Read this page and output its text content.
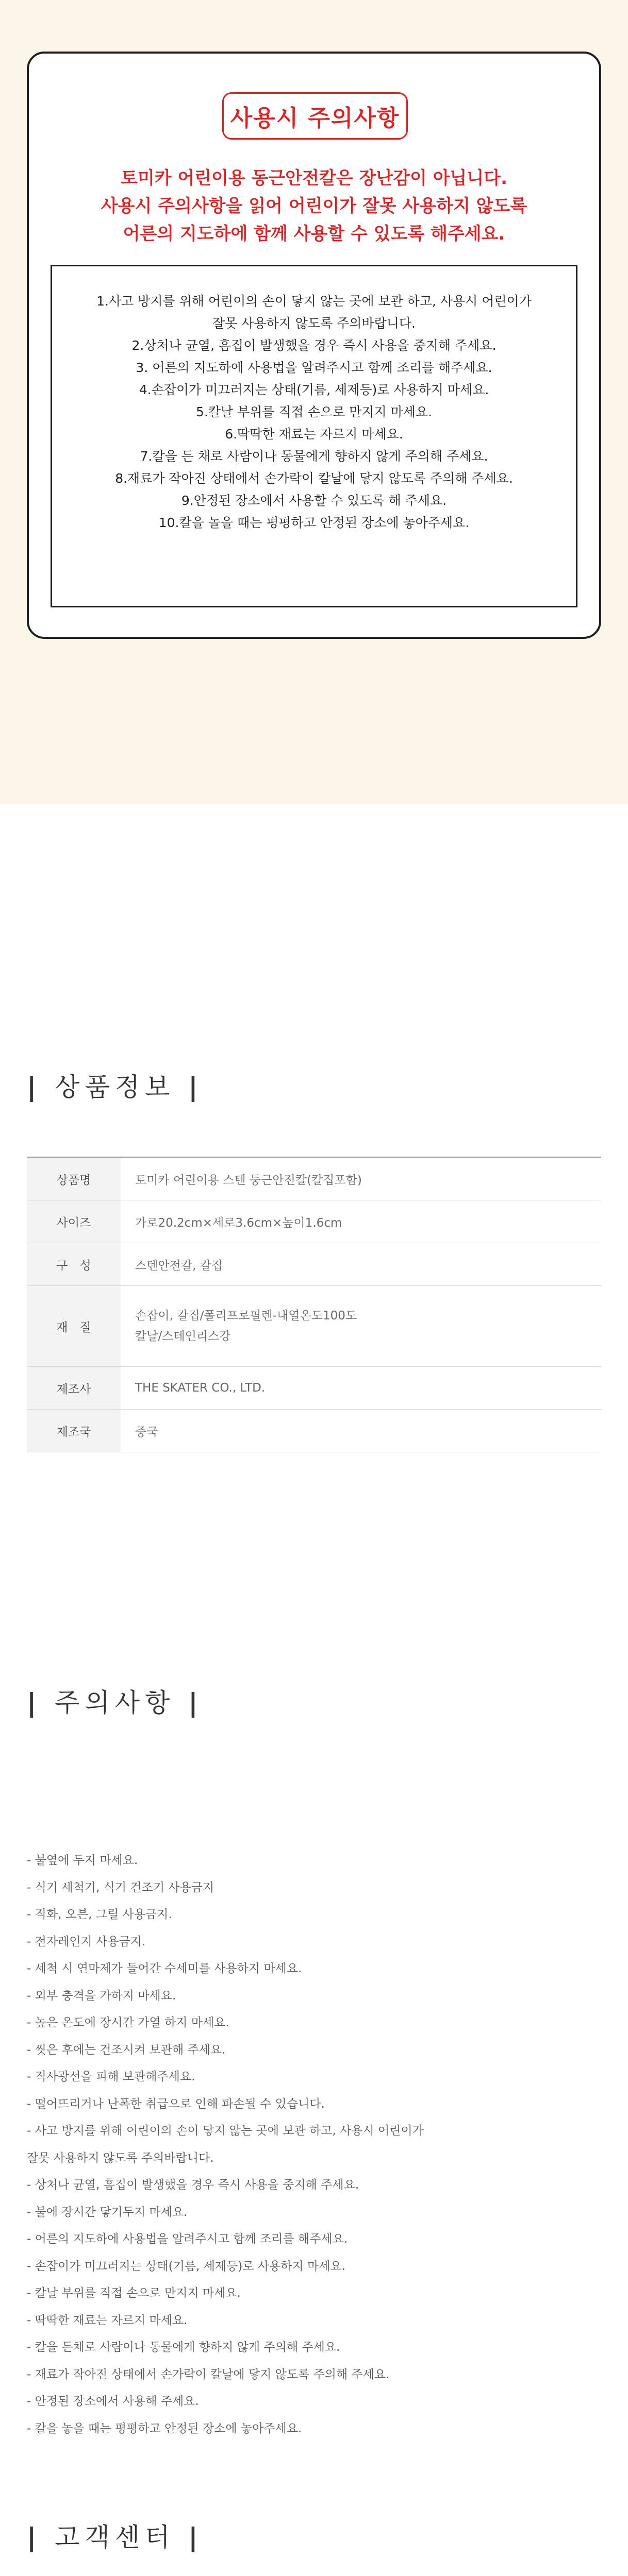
사용시 주의사항
토미카 어린이용 동근안전칼은 장난감이 아닙니다.
사용시 주의사항을 읽어 어린이가 잘못 사용하지 않도록
어른의 지도하에 함께 사용할 수 있도록 해주세요.
1.사고 방지를 위해 어린이의 손이 닿지 않는 곳에 보관 하고, 사용시 어린이가
잘못 사용하지 않도록 주의바랍니다.
2.상처나 균열, 흠집이 발생했을 경우 즉시 사용을 중지해 주세요.
3. 어른의 지도하에 사용법을 알려주시고 함께 조리를 해주세요.
4.손잡이가 미끄러지는 상태(기름, 세제등)로 사용하지 마세요.
5.칼날 부위를 직접 손으로 만지지 마세요.
6.딱딱한 재료는 자르지 마세요.
7.칼을 든 채로 사람이나 동물에게 향하지 않게 주의해 주세요.
8.재료가 작아진 상태에서 손가락이 칼날에 닿지 않도록 주의해 주세요.
9.안정된 장소에서 사용할 수 있도록 해 주세요.
10.칼을 놀을 때는 평평하고 안정된 장소에 놓아주세요.
| 상품정보 |
상품명	토미카 어린이용 스텐 둥근안전칼(칼집포함)
사이즈	가로20.2cm×세로3.6cm×높이1.6cm
구　성	스텐안전칼, 칼집
재　질	손잡이, 칼집/폴리프로필렌-내열온도100도
칼날/스테인리스강

제조사	THE SKATER CO., LTD.
제조국	중국
| 주의사항 |
- 불옆에 두지 마세요.
- 식기 세척기, 식기 건조기 사용금지
- 직화, 오븐, 그릴 사용금지.
- 전자레인지 사용금지.
- 세척 시 연마제가 들어간 수세미를 사용하지 마세요.
- 외부 충격을 가하지 마세요.
- 높은 온도에 장시간 가열 하지 마세요.
- 씻은 후에는 건조시켜 보관해 주세요.
- 직사광선을 피해 보관해주세요.
- 떨어뜨리거나 난폭한 취급으로 인해 파손될 수 있습니다.
- 사고 방지를 위해 어린이의 손이 닿지 않는 곳에 보관 하고, 사용시 어린이가
잘못 사용하지 않도록 주의바랍니다.
- 상처나 균열, 흠집이 발생했을 경우 즉시 사용을 중지해 주세요.
- 불에 장시간 닿기두지 마세요.
- 어른의 지도하에 사용법을 알려주시고 함께 조리를 해주세요.
- 손잡이가 미끄러지는 상태(기름, 세제등)로 사용하지 마세요.
- 칼날 부위를 직접 손으로 만지지 마세요.
- 딱딱한 재료는 자르지 마세요.
- 칼을 든채로 사람이나 동물에게 향하지 않게 주의해 주세요.
- 재료가 작아진 상태에서 손가락이 칼날에 닿지 않도록 주의해 주세요.
- 안정된 장소에서 사용해 주세요.
- 칼을 놓을 때는 평평하고 안정된 장소에 놓아주세요.
| 고객센터 |
